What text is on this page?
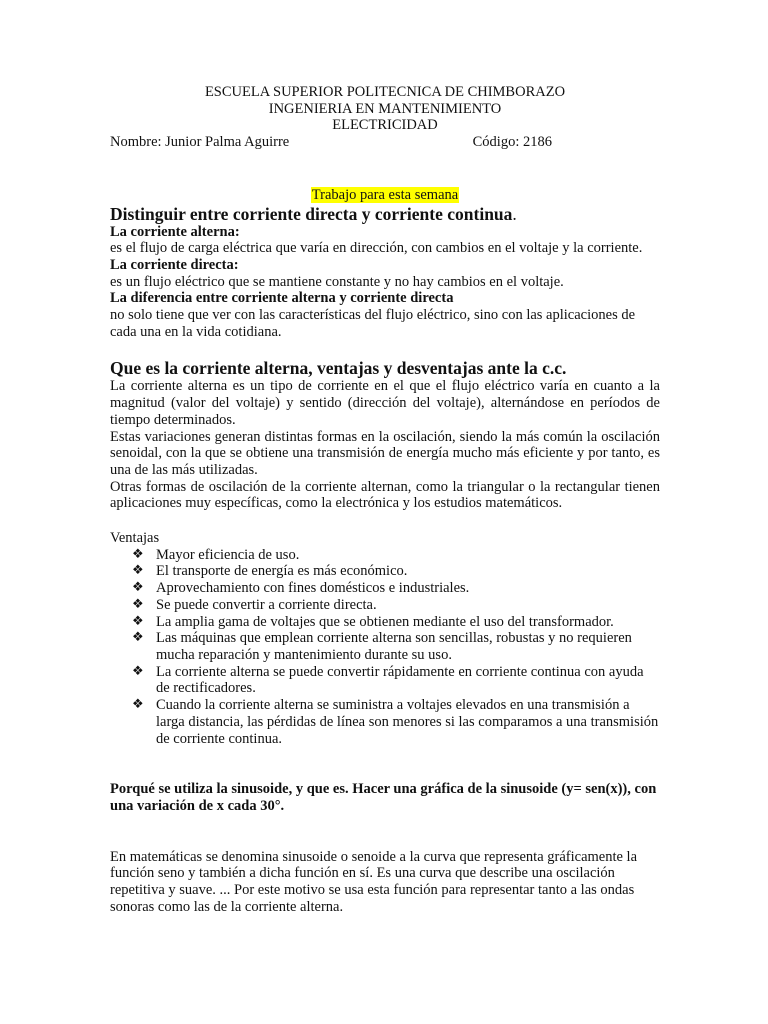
ESCUELA SUPERIOR POLITECNICA DE CHIMBORAZO

INGENIERIA EN MANTENIMIENTO

ELECTRICIDAD

Nombre: Junior Palma Aguirre	Código: 2186
Trabajo para esta semana

Distinguir entre corriente directa y corriente continua.

La corriente alterna:

es el flujo de carga eléctrica que varía en dirección, con cambios en el voltaje y la corriente.

La corriente directa:

es un flujo eléctrico que se mantiene constante y no hay cambios en el voltaje.

La diferencia entre corriente alterna y corriente directa

no solo tiene que ver con las características del flujo eléctrico, sino con las aplicaciones de cada una en la vida cotidiana.

Que es la corriente alterna, ventajas y desventajas ante la c.c.

La corriente alterna es un tipo de corriente en el que el flujo eléctrico varía en cuanto a la magnitud (valor del voltaje) y sentido (dirección del voltaje), alternándose en períodos de tiempo determinados.

Estas variaciones generan distintas formas en la oscilación, siendo la más común la oscilación senoidal, con la que se obtiene una transmisión de energía mucho más eficiente y por tanto, es una de las más utilizadas.

Otras formas de oscilación de la corriente alternan, como la triangular o la rectangular tienen aplicaciones muy específicas, como la electrónica y los estudios matemáticos.

Ventajas

❖ Mayor eficiencia de uso.
❖ El transporte de energía es más económico.
❖ Aprovechamiento con fines domésticos e industriales.
❖ Se puede convertir a corriente directa.
❖ La amplia gama de voltajes que se obtienen mediante el uso del transformador.
❖ Las máquinas que emplean corriente alterna son sencillas, robustas y no requieren mucha reparación y mantenimiento durante su uso.
❖ La corriente alterna se puede convertir rápidamente en corriente continua con ayuda de rectificadores.
❖ Cuando la corriente alterna se suministra a voltajes elevados en una transmisión a larga distancia, las pérdidas de línea son menores si las comparamos a una transmisión de corriente continua.

Porqué se utiliza la sinusoide, y que es. Hacer una gráfica de la sinusoide (y= sen(x)), con una variación de x cada 30°.

En matemáticas se denomina sinusoide o senoide a la curva que representa gráficamente la función seno y también a dicha función en sí. Es una curva que describe una oscilación repetitiva y suave. ... Por este motivo se usa esta función para representar tanto a las ondas sonoras como las de la corriente alterna.
